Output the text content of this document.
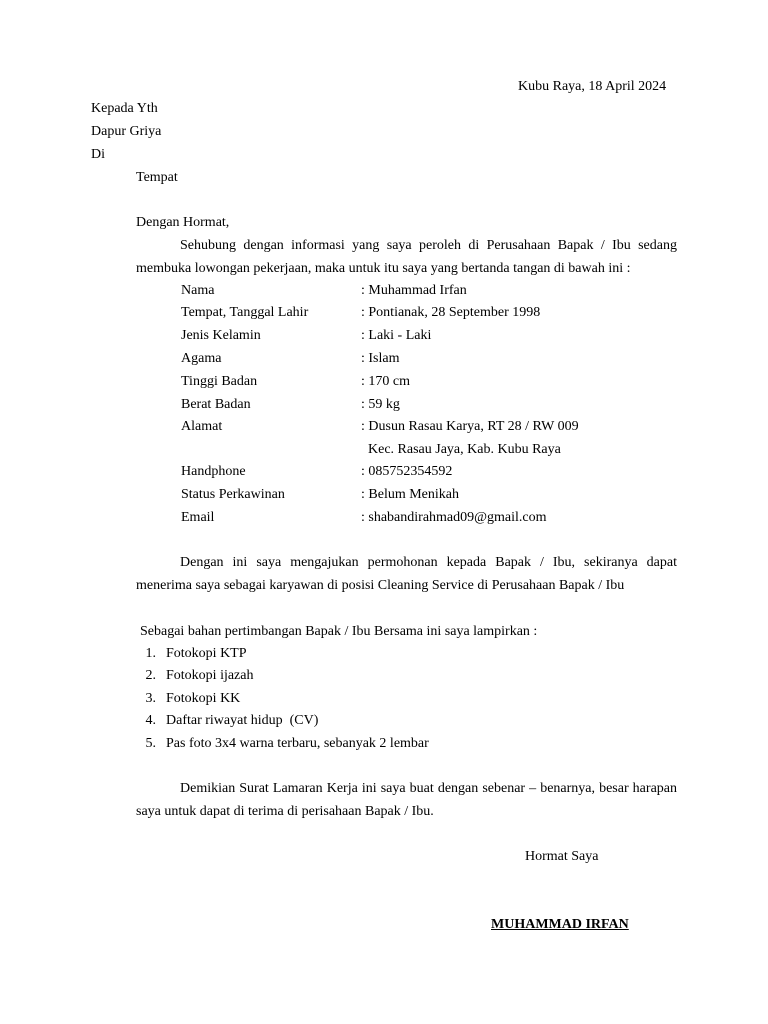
Kubu Raya, 18 April 2024
Kepada Yth
Dapur Griya
Di
Tempat
Dengan Hormat,
Sehubung dengan informasi yang saya peroleh di Perusahaan Bapak / Ibu sedang membuka lowongan pekerjaan, maka untuk itu saya yang bertanda tangan di bawah ini :
Nama	: Muhammad Irfan
Tempat, Tanggal Lahir	: Pontianak, 28 September 1998
Jenis Kelamin	: Laki - Laki
Agama	: Islam
Tinggi Badan	: 170 cm
Berat Badan	: 59 kg
Alamat	: Dusun Rasau Karya, RT 28 / RW 009
Kec. Rasau Jaya, Kab. Kubu Raya
Handphone	: 085752354592
Status Perkawinan	: Belum Menikah
Email	: shabandirahmad09@gmail.com
Dengan ini saya mengajukan permohonan kepada Bapak / Ibu, sekiranya dapat menerima saya sebagai karyawan di posisi Cleaning Service di Perusahaan Bapak / Ibu
Sebagai bahan pertimbangan Bapak / Ibu Bersama ini saya lampirkan :
1. Fotokopi KTP
2. Fotokopi ijazah
3. Fotokopi KK
4. Daftar riwayat hidup  (CV)
5. Pas foto 3x4 warna terbaru, sebanyak 2 lembar
Demikian Surat Lamaran Kerja ini saya buat dengan sebenar – benarnya, besar harapan saya untuk dapat di terima di perisahaan Bapak / Ibu.
Hormat Saya
MUHAMMAD IRFAN
